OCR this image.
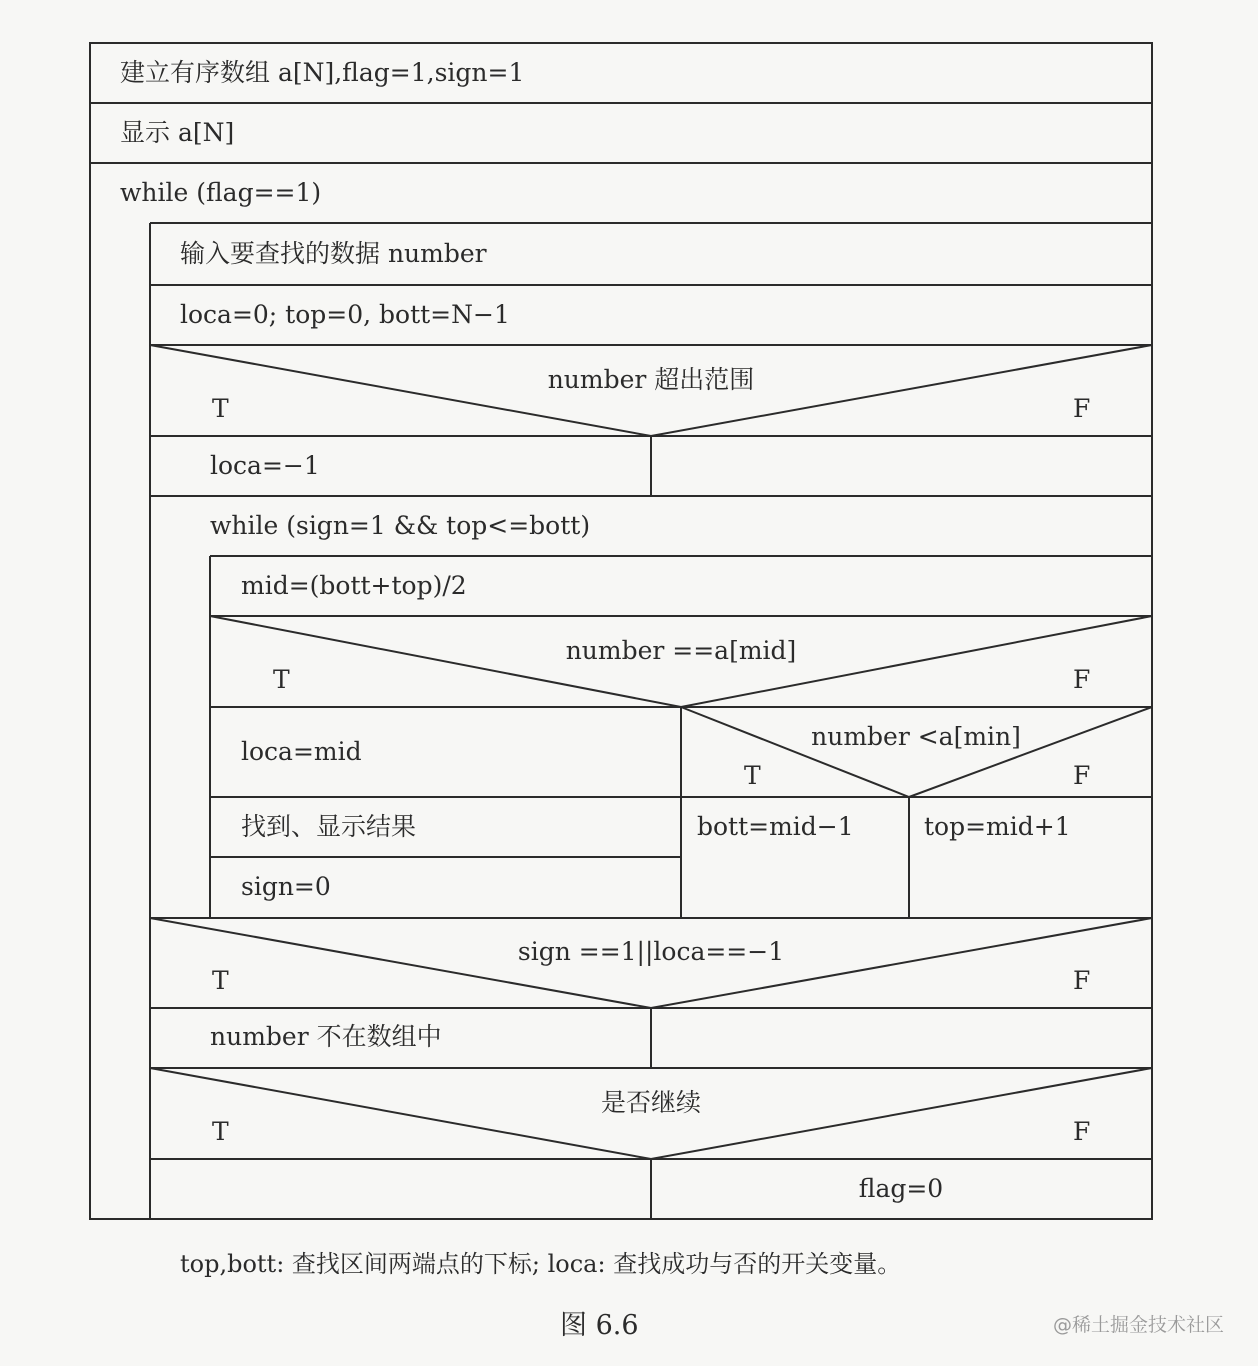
建立有序数组 a[N],flag=1,sign=1
显示 a[N]
while (flag==1)
输入要查找的数据 number
loca=0; top=0, bott=N−1
number 超出范围
T	F
loca=−1
while (sign=1 && top<=bott)
mid=(bott+top)/2
number ==a[mid]
T	F
loca=mid
找到、显示结果
sign=0
number <a[min]
T	F
bott=mid−1	top=mid+1
sign ==1||loca==−1
T	F
number 不在数组中
是否继续
T	F
flag=0
top,bott: 查找区间两端点的下标; loca: 查找成功与否的开关变量。
图 6.6	@稀土掘金技术社区
